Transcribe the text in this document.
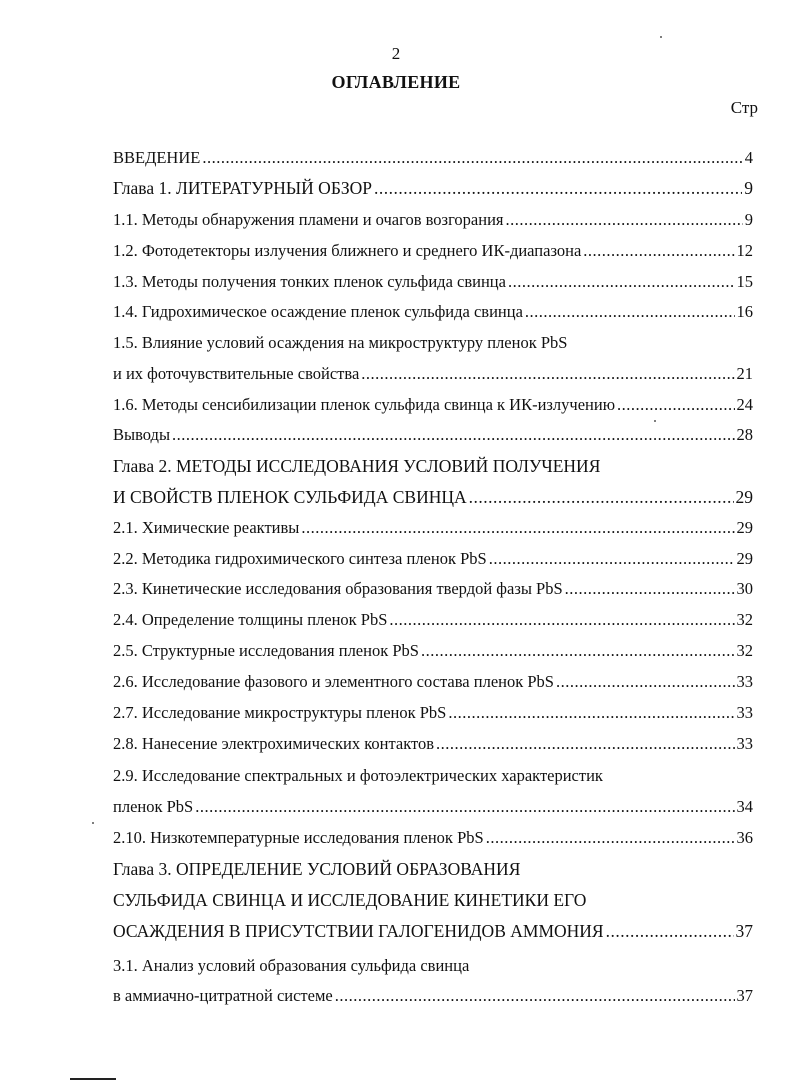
2
ОГЛАВЛЕНИЕ
Стр
ВВЕДЕНИЕ .....	4
Глава 1. ЛИТЕРАТУРНЫЙ ОБЗОР .....	9
1.1. Методы обнаружения пламени и очагов возгорания .....	9
1.2. Фотодетекторы излучения ближнего и среднего ИК-диапазона .....	12
1.3. Методы получения тонких пленок сульфида свинца .....	15
1.4. Гидрохимическое осаждение пленок сульфида свинца .....	16
1.5. Влияние условий осаждения на микроструктуру пленок PbS
и их фоточувствительные свойства .....	21
1.6. Методы сенсибилизации пленок сульфида свинца к ИК-излучению .....	24
Выводы .....	28
Глава 2. МЕТОДЫ ИССЛЕДОВАНИЯ УСЛОВИЙ ПОЛУЧЕНИЯ
И СВОЙСТВ ПЛЕНОК СУЛЬФИДА СВИНЦА .....	29
2.1. Химические реактивы .....	29
2.2. Методика гидрохимического синтеза пленок PbS .....	29
2.3. Кинетические исследования образования твердой фазы PbS .....	30
2.4. Определение толщины пленок PbS .....	32
2.5. Структурные исследования пленок PbS .....	32
2.6. Исследование фазового и элементного состава пленок PbS .....	33
2.7. Исследование микроструктуры пленок PbS .....	33
2.8. Нанесение электрохимических контактов .....	33
2.9. Исследование спектральных и фотоэлектрических характеристик
пленок PbS .....	34
2.10. Низкотемпературные исследования пленок PbS .....	36
Глава 3. ОПРЕДЕЛЕНИЕ УСЛОВИЙ ОБРАЗОВАНИЯ
СУЛЬФИДА СВИНЦА И ИССЛЕДОВАНИЕ КИНЕТИКИ ЕГО
ОСАЖДЕНИЯ В ПРИСУТСТВИИ ГАЛОГЕНИДОВ АММОНИЯ .....	37
3.1. Анализ условий образования сульфида свинца
в аммиачно-цитратной системе .....	37
